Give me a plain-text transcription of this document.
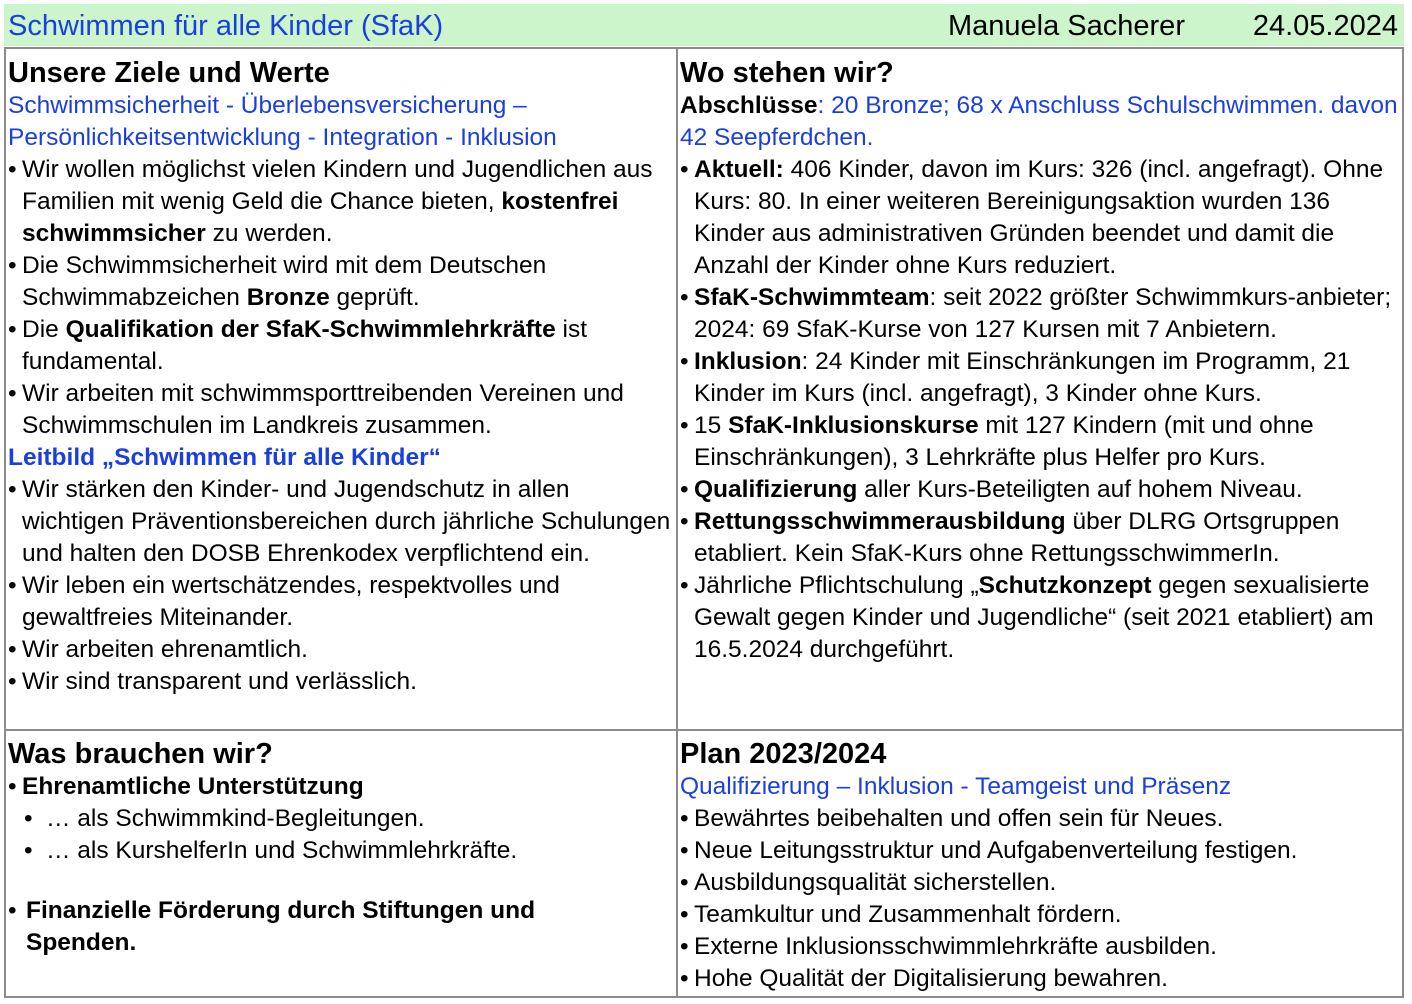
Schwimmen für alle Kinder (SfaK)	Manuela Sacherer 24.05.2024
Unsere Ziele und Werte
Schwimmsicherheit - Überlebensversicherung –
Persönlichkeitsentwicklung - Integration - Inklusion
• Wir wollen möglichst vielen Kindern und Jugendlichen aus Familien mit wenig Geld die Chance bieten, kostenfrei schwimmsicher zu werden.
• Die Schwimmsicherheit wird mit dem Deutschen Schwimmabzeichen Bronze geprüft.
• Die Qualifikation der SfaK-Schwimmlehrkräfte ist fundamental.
• Wir arbeiten mit schwimmsporttreibenden Vereinen und Schwimmschulen im Landkreis zusammen.
Leitbild „Schwimmen für alle Kinder“
• Wir stärken den Kinder- und Jugendschutz in allen wichtigen Präventionsbereichen durch jährliche Schulungen und halten den DOSB Ehrenkodex verpflichtend ein.
• Wir leben ein wertschätzendes, respektvolles und gewaltfreies Miteinander.
• Wir arbeiten ehrenamtlich.
• Wir sind transparent und verlässlich.
Wo stehen wir?
Abschlüsse: 20 Bronze; 68 x Anschluss Schulschwimmen. davon 42 Seepferdchen.
• Aktuell: 406 Kinder, davon im Kurs: 326 (incl. angefragt). Ohne Kurs: 80. In einer weiteren Bereinigungsaktion wurden 136 Kinder aus administrativen Gründen beendet und damit die Anzahl der Kinder ohne Kurs reduziert.
• SfaK-Schwimmteam: seit 2022 größter Schwimmkurs-anbieter; 2024: 69 SfaK-Kurse von 127 Kursen mit 7 Anbietern.
• Inklusion: 24 Kinder mit Einschränkungen im Programm, 21 Kinder im Kurs (incl. angefragt), 3 Kinder ohne Kurs.
• 15 SfaK-Inklusionskurse mit 127 Kindern (mit und ohne Einschränkungen), 3 Lehrkräfte plus Helfer pro Kurs.
• Qualifizierung aller Kurs-Beteiligten auf hohem Niveau.
• Rettungsschwimmerausbildung über DLRG Ortsgruppen etabliert. Kein SfaK-Kurs ohne RettungsschwimmerIn.
• Jährliche Pflichtschulung „Schutzkonzept gegen sexualisierte Gewalt gegen Kinder und Jugendliche“ (seit 2021 etabliert) am 16.5.2024 durchgeführt.
Was brauchen wir?
• Ehrenamtliche Unterstützung
• … als Schwimmkind-Begleitungen.
• … als KurshelferIn und Schwimmlehrkräfte.
• Finanzielle Förderung durch Stiftungen und Spenden.
Plan 2023/2024
Qualifizierung – Inklusion - Teamgeist und Präsenz
• Bewährtes beibehalten und offen sein für Neues.
• Neue Leitungsstruktur und Aufgabenverteilung festigen.
• Ausbildungsqualität sicherstellen.
• Teamkultur und Zusammenhalt fördern.
• Externe Inklusionsschwimmlehrkräfte ausbilden.
• Hohe Qualität der Digitalisierung bewahren.
